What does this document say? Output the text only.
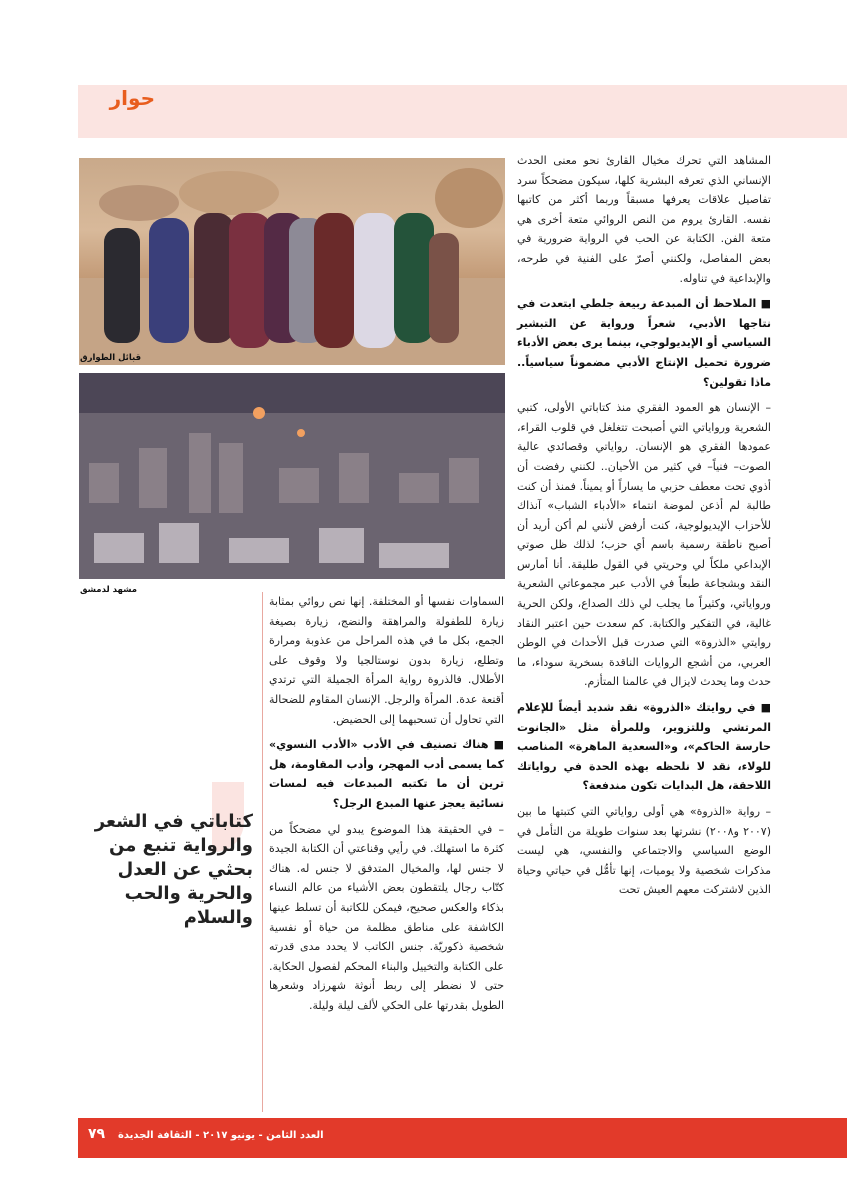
حوار
قبائل الطوارق
مشهد لدمشق

المشاهد التي تحرك مخيال القارئ نحو معنى الحدث الإنساني الذي تعرفه البشرية كلها، سيكون مضحكاً سرد تفاصيل علاقات يعرفها مسبقاً وربما أكثر من كاتبها نفسه. القارئ يروم من النص الروائي متعة أخرى هي متعة الفن. الكتابة عن الحب في الرواية ضرورية في بعض المفاصل، ولكنني أصرّ على الفنية في طرحه، والإبداعية في تناوله.

■ الملاحظ أن المبدعة ربيعة جلطي ابتعدت في نتاجها الأدبي، شعراً ورواية عن التبشير السياسي أو الإيديولوجي، بينما يرى بعض الأدباء ضرورة تحميل الإنتاج الأدبي مضموناً سياسياً.. ماذا تقولين؟

– الإنسان هو العمود الفقري منذ كتاباتي الأولى، كتبي الشعرية ورواياتي التي أصبحت تتغلغل في قلوب القراء، عمودها الفقري هو الإنسان. رواياتي وقصائدي عالية الصوت– فنياً– في كثير من الأحيان.. لكنني رفضت أن أذوي تحت معطف حزبي ما يساراً أو يميناً. فمنذ أن كنت طالبة لم أذعن لموضة انتماء «الأدباء الشباب» آنذاك للأحزاب الإيديولوجية، كنت أرفض لأنني لم أكن أريد أن أصبح ناطقة رسمية باسم أي حزب؛ لذلك ظل صوتي الإبداعي ملكاً لي وحريتي في القول طليقة. أنا أمارس النقد وبشجاعة طبعاً في الأدب عبر مجموعاتي الشعرية ورواياتي، وكثيراً ما يجلب لي ذلك الصداع، ولكن الحرية غالية، في التفكير والكتابة. كم سعدت حين اعتبر النقاد روايتي «الذروة» التي صدرت قبل الأحداث في الوطن العربي، من أشجع الروايات الناقدة بسخرية سوداء، ما حدث وما يحدث لايزال في عالمنا المتأزم.

■ في روايتك «الذروة» نقد شديد أيضاً للإعلام المرتشي وللتزوير، وللمرأة مثل «الجانوت حارسة الحاكم»، و«السعدية الماهرة» المناصب للولاء، نقد لا نلحظه بهذه الحدة في رواياتك اللاحقة، هل البدايات تكون مندفعة؟

– رواية «الذروة» هي أولى رواياتي التي كتبتها ما بين (٢٠٠٧ و٢٠٠٨) نشرتها بعد سنوات طويلة من التأمل في الوضع السياسي والاجتماعي والنفسي، هي ليست مذكرات شخصية ولا يوميات، إنها تأمُّل في حياتي وحياة الذين لاشتركت معهم العيش تحت

السماوات نفسها أو المختلفة. إنها نص روائي بمثابة زيارة للطفولة والمراهقة والنضج، زيارة بصيغة الجمع، بكل ما في هذه المراحل من عذوبة ومرارة وتطلع، زيارة بدون نوستالجيا ولا وقوف على الأطلال. فالذروة رواية المرأة الجميلة التي ترتدي أقنعة عدة. المرأة والرجل. الإنسان المقاوم للضحالة التي تحاول أن تسحبهما إلى الحضيض.

■ هناك تصنيف في الأدب «الأدب النسوي» كما يسمى أدب المهجر، وأدب المقاومة، هل ترين أن ما تكتبه المبدعات فيه لمسات نسائية يعجز عنها المبدع الرجل؟

– في الحقيقة هذا الموضوع يبدو لي مضحكاً من كثرة ما استهلك. في رأيي وقناعتي أن الكتابة الجيدة لا جنس لها، والمخيال المتدفق لا جنس له. هناك كتّاب رجال يلتقطون بعض الأشياء من عالم النساء بذكاء والعكس صحيح، فيمكن للكاتبة أن تسلط عينها الكاشفة على مناطق مظلمة من حياة أو نفسية شخصية ذكوريّة. جنس الكاتب لا يحدد مدى قدرته على الكتابة والتخييل والبناء المحكم لفصول الحكاية. حتى لا نضطر إلى ربط أنوثة شهرزاد وشعرها الطويل بقدرتها على الحكي لألف ليلة وليلة.

كتاباتي في الشعر والرواية تنبع من بحثي عن العدل والحرية والحب والسلام
٧٩ العدد الثامن - يونيو ٢٠١٧ - الثقافة الجديدة
